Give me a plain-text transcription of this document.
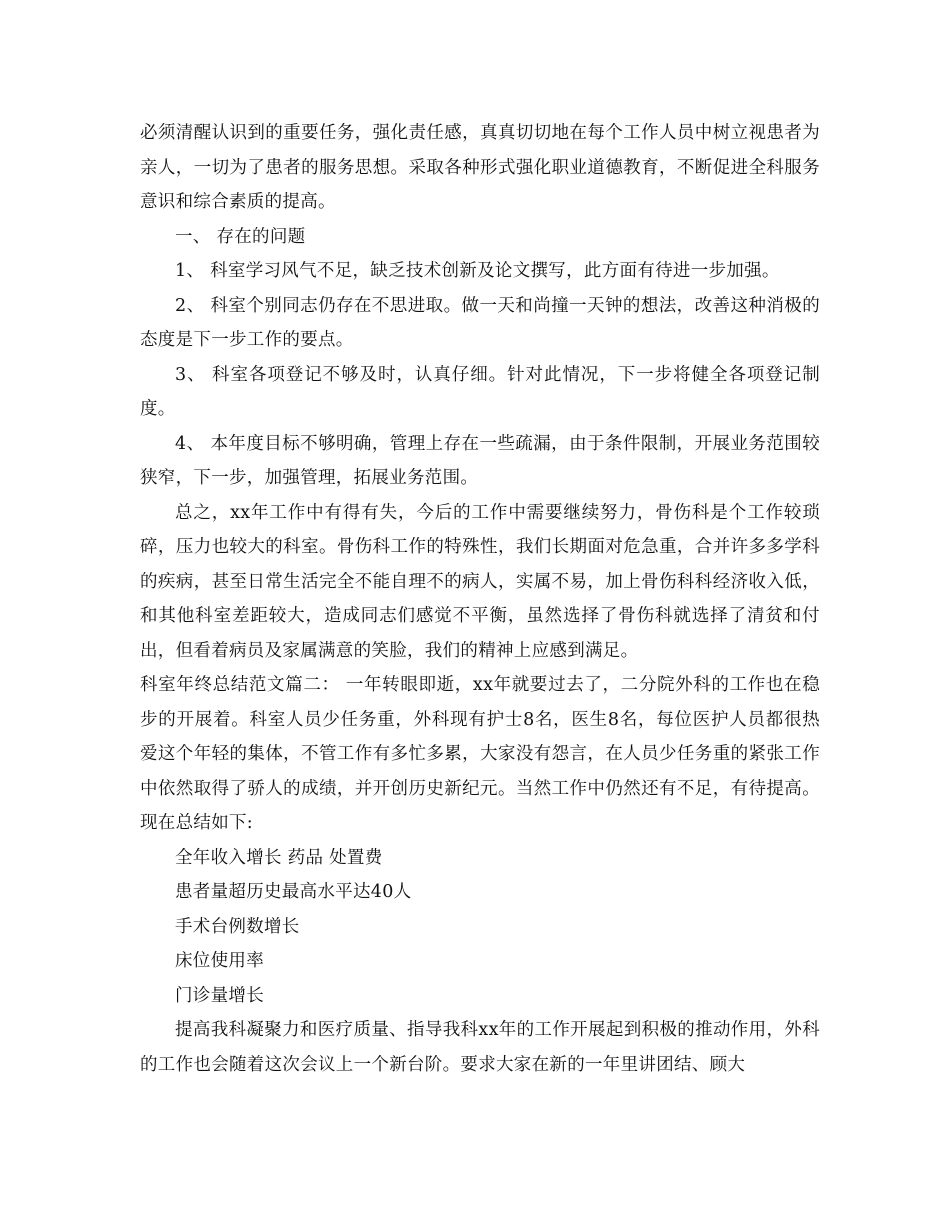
必须清醒认识到的重要任务，强化责任感，真真切切地在每个工作人员中树立视患者为亲人，一切为了患者的服务思想。采取各种形式强化职业道德教育，不断促进全科服务意识和综合素质的提高。

一、 存在的问题

1、 科室学习风气不足，缺乏技术创新及论文撰写，此方面有待进一步加强。

2、 科室个别同志仍存在不思进取。做一天和尚撞一天钟的想法，改善这种消极的态度是下一步工作的要点。

3、 科室各项登记不够及时，认真仔细。针对此情况，下一步将健全各项登记制度。

4、 本年度目标不够明确，管理上存在一些疏漏，由于条件限制，开展业务范围较狭窄，下一步，加强管理，拓展业务范围。

总之，xx年工作中有得有失，今后的工作中需要继续努力，骨伤科是个工作较琐碎，压力也较大的科室。骨伤科工作的特殊性，我们长期面对危急重，合并许多多学科的疾病，甚至日常生活完全不能自理不的病人，实属不易，加上骨伤科科经济收入低，和其他科室差距较大，造成同志们感觉不平衡，虽然选择了骨伤科就选择了清贫和付出，但看着病员及家属满意的笑脸，我们的精神上应感到满足。

科室年终总结范文篇二： 一年转眼即逝，xx年就要过去了，二分院外科的工作也在稳步的开展着。科室人员少任务重，外科现有护士8名，医生8名，每位医护人员都很热爱这个年轻的集体，不管工作有多忙多累，大家没有怨言，在人员少任务重的紧张工作中依然取得了骄人的成绩，并开创历史新纪元。当然工作中仍然还有不足，有待提高。现在总结如下:

全年收入增长 药品 处置费

患者量超历史最高水平达40人

手术台例数增长

床位使用率

门诊量增长

提高我科凝聚力和医疗质量、指导我科xx年的工作开展起到积极的推动作用，外科的工作也会随着这次会议上一个新台阶。要求大家在新的一年里讲团结、顾大
